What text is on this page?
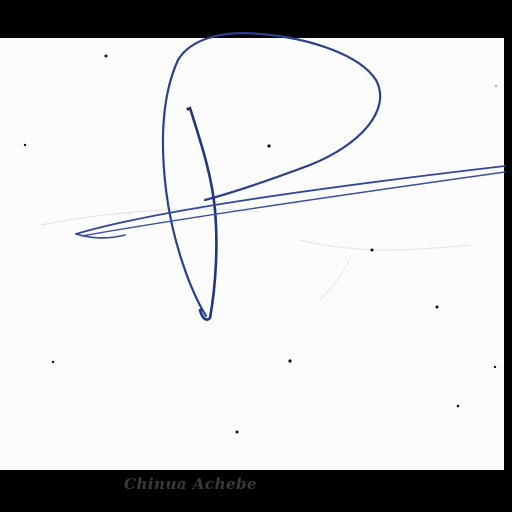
Chinua Achebe
